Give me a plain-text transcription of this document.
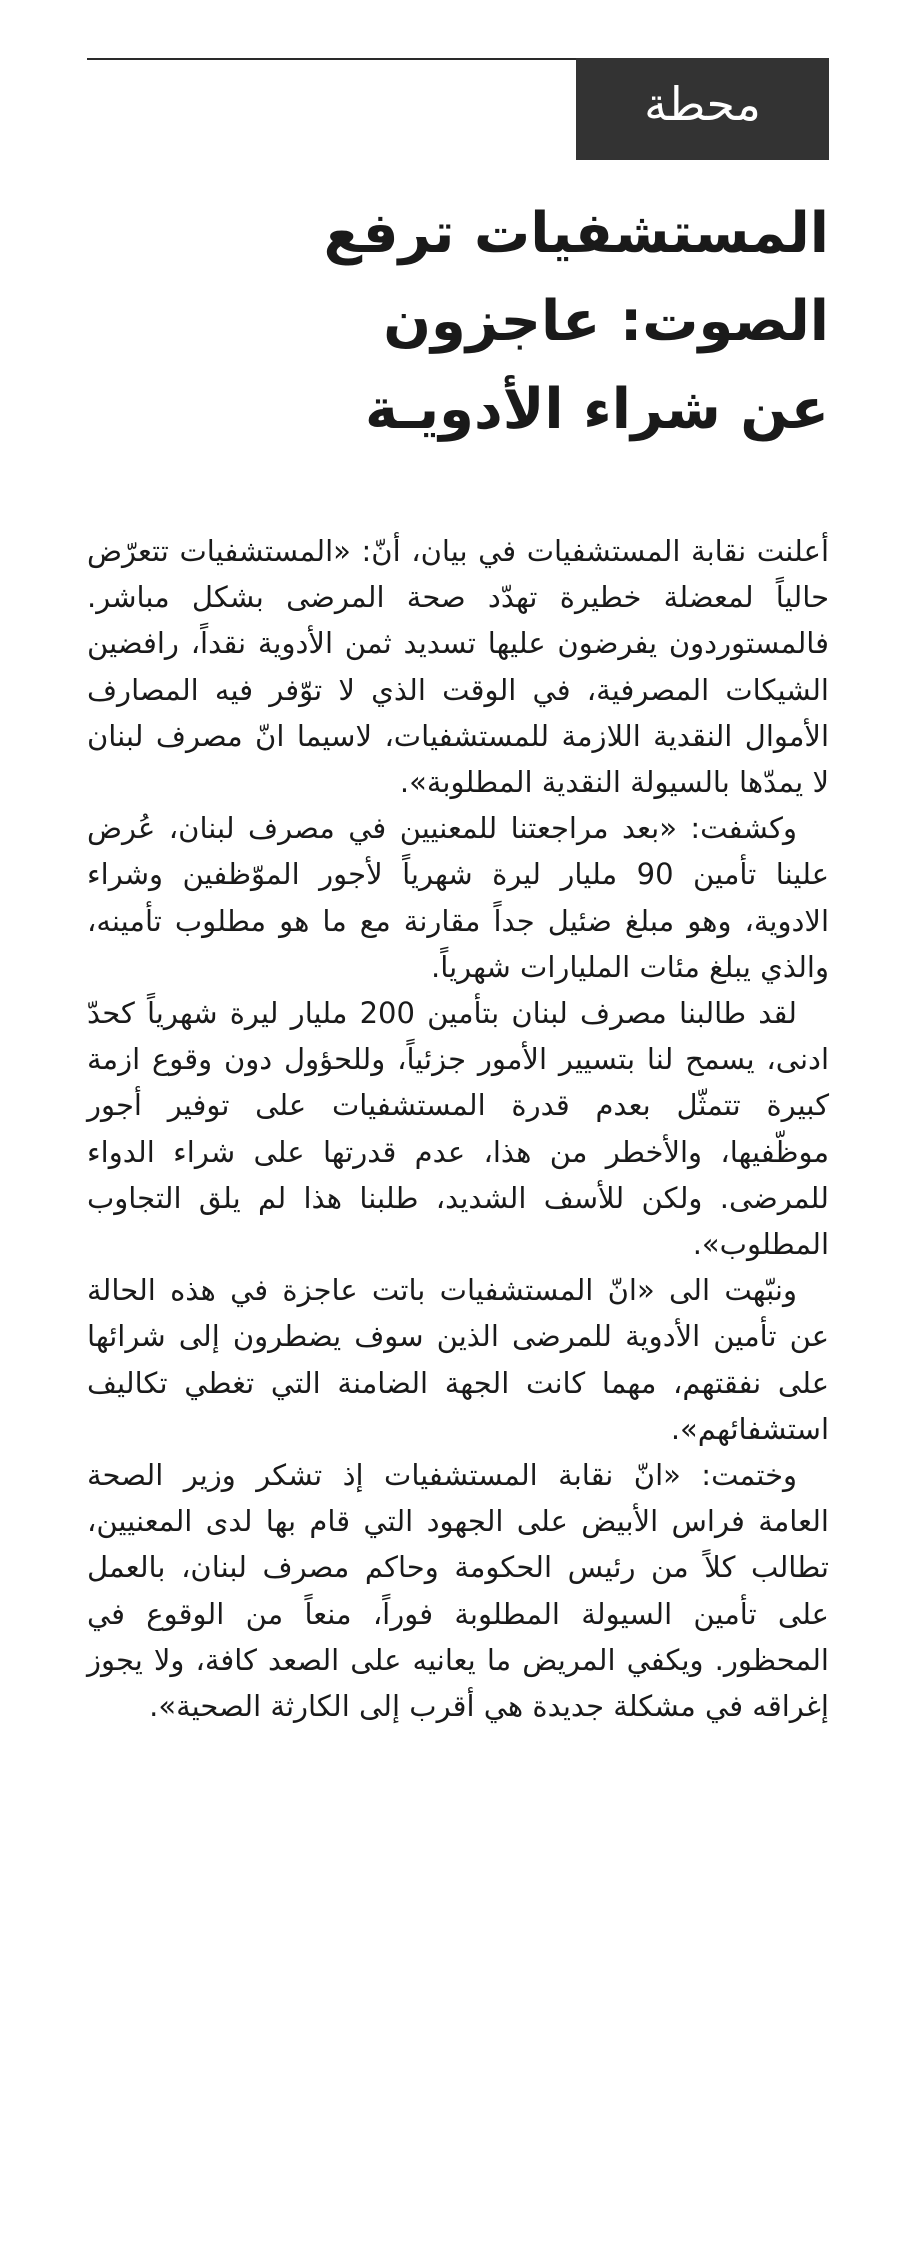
محطة
المستشفيات ترفع
الصوت: عاجزون
عن شراء الأدويـة

أعلنت نقابة المستشفيات في بيان، أنّ: «المستشفيات تتعرّض حالياً لمعضلة خطيرة تهدّد صحة المرضى بشكل مباشر. فالمستوردون يفرضون عليها تسديد ثمن الأدوية نقداً، رافضين الشيكات المصرفية، في الوقت الذي لا توّفر فيه المصارف الأموال النقدية اللازمة للمستشفيات، لاسيما انّ مصرف لبنان لا يمدّها بالسيولة النقدية المطلوبة».

وكشفت: «بعد مراجعتنا للمعنيين في مصرف لبنان، عُرض علينا تأمين 90 مليار ليرة شهرياً لأجور الموّظفين وشراء الادوية، وهو مبلغ ضئيل جداً مقارنة مع ما هو مطلوب تأمينه، والذي يبلغ مئات المليارات شهرياً.

لقد طالبنا مصرف لبنان بتأمين 200 مليار ليرة شهرياً كحدّ ادنى، يسمح لنا بتسيير الأمور جزئياً، وللحؤول دون وقوع ازمة كبيرة تتمثّل بعدم قدرة المستشفيات على توفير أجور موظّفيها، والأخطر من هذا، عدم قدرتها على شراء الدواء للمرضى. ولكن للأسف الشديد، طلبنا هذا لم يلق التجاوب المطلوب».

ونبّهت الى «انّ المستشفيات باتت عاجزة في هذه الحالة عن تأمين الأدوية للمرضى الذين سوف يضطرون إلى شرائها على نفقتهم، مهما كانت الجهة الضامنة التي تغطي تكاليف استشفائهم».

وختمت: «انّ نقابة المستشفيات إذ تشكر وزير الصحة العامة فراس الأبيض على الجهود التي قام بها لدى المعنيين، تطالب كلاً من رئيس الحكومة وحاكم مصرف لبنان، بالعمل على تأمين السيولة المطلوبة فوراً، منعاً من الوقوع في المحظور. ويكفي المريض ما يعانيه على الصعد كافة، ولا يجوز إغراقه في مشكلة جديدة هي أقرب إلى الكارثة الصحية».
